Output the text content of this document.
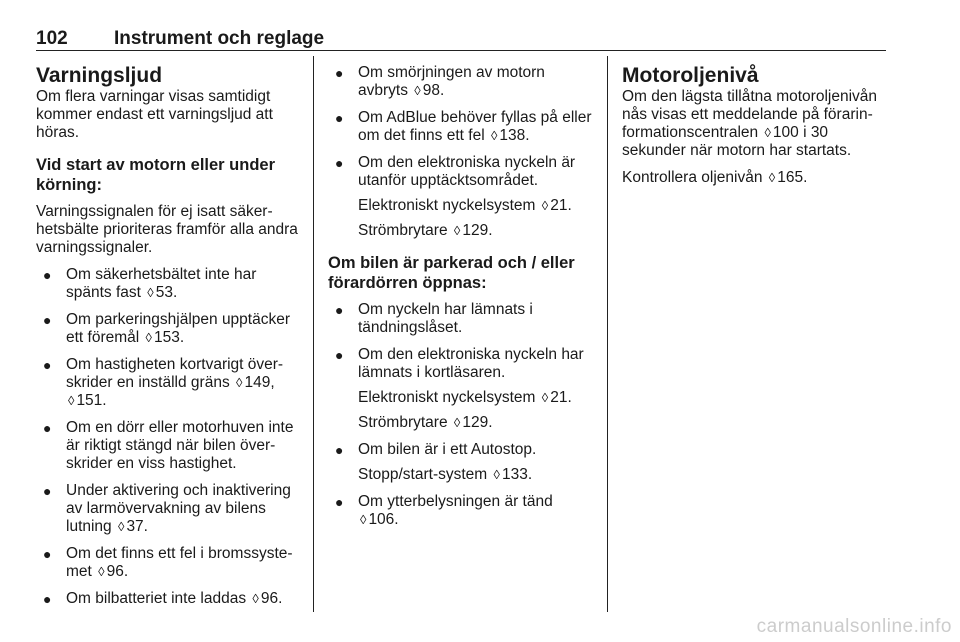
102 Instrument och reglage
Varningsljud

Om flera varningar visas samtidigt kommer endast ett varningsljud att höras.

Vid start av motorn eller under körning:

Varningssignalen för ej isatt säker-hetsbälte prioriteras framför alla andra varningssignaler.

● Om säkerhetsbältet inte har spänts fast ◊ 53.
● Om parkeringshjälpen upptäcker ett föremål ◊ 153.
● Om hastigheten kortvarigt över-skrider en inställd gräns ◊ 149, ◊ 151.
● Om en dörr eller motorhuven inte är riktigt stängd när bilen över-skrider en viss hastighet.
● Under aktivering och inaktivering av larmövervakning av bilens lutning ◊ 37.
● Om det finns ett fel i bromssyste-met ◊ 96.
● Om bilbatteriet inte laddas ◊ 96.
● Om smörjningen av motorn avbryts ◊ 98.
● Om AdBlue behöver fyllas på eller om det finns ett fel ◊ 138.
● Om den elektroniska nyckeln är utanför upptäcktsområdet.

Elektroniskt nyckelsystem ◊ 21.

Strömbrytare ◊ 129.

Om bilen är parkerad och / eller förardörren öppnas:
● Om nyckeln har lämnats i tändningslåset.
● Om den elektroniska nyckeln har lämnats i kortläsaren.

Elektroniskt nyckelsystem ◊ 21.

Strömbrytare ◊ 129.

● Om bilen är i ett Autostop.

Stopp/start-system ◊ 133.

● Om ytterbelysningen är tänd
◊ 106.
Motoroljenivå

Om den lägsta tillåtna motoroljenivån nås visas ett meddelande på förarin-formationscentralen ◊ 100 i 30 sekunder när motorn har startats.

Kontrollera oljenivån ◊ 165.

carmanualsonline.info
